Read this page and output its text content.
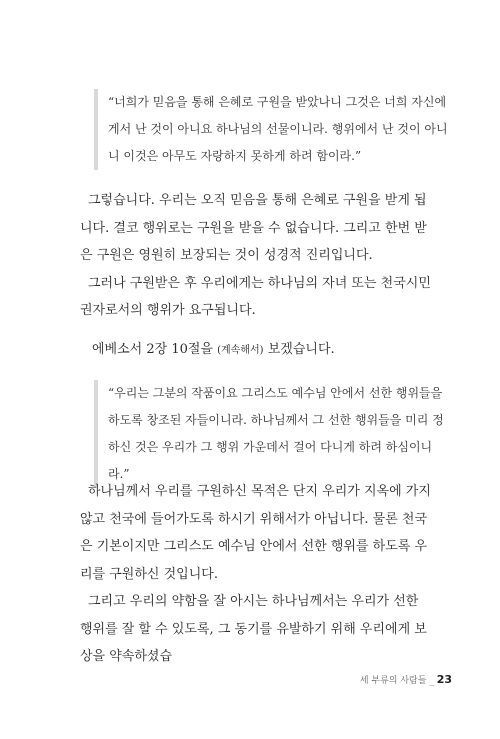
“너희가 믿음을 통해 은혜로 구원을 받았나니 그것은 너희 자신에게서 난 것이 아니요 하나님의 선물이니라. 행위에서 난 것이 아니니 이것은 아무도 자랑하지 못하게 하려 함이라.”

그렇습니다. 우리는 오직 믿음을 통해 은혜로 구원을 받게 됩니다. 결코 행위로는 구원을 받을 수 없습니다. 그리고 한번 받은 구원은 영원히 보장되는 것이 성경적 진리입니다.

그러나 구원받은 후 우리에게는 하나님의 자녀 또는 천국시민권자로서의 행위가 요구됩니다.

에베소서 2장 10절을 (계속해서) 보겠습니다.

“우리는 그분의 작품이요 그리스도 예수님 안에서 선한 행위들을 하도록 창조된 자들이니라. 하나님께서 그 선한 행위들을 미리 정하신 것은 우리가 그 행위 가운데서 걸어 다니게 하려 하심이니라.”

하나님께서 우리를 구원하신 목적은 단지 우리가 지옥에 가지 않고 천국에 들어가도록 하시기 위해서가 아닙니다. 물론 천국은 기본이지만 그리스도 예수님 안에서 선한 행위를 하도록 우리를 구원하신 것입니다.

그리고 우리의 약함을 잘 아시는 하나님께서는 우리가 선한 행위를 잘 할 수 있도록, 그 동기를 유발하기 위해 우리에게 보상을 약속하셨습

세 부류의 사람들 _ 23
